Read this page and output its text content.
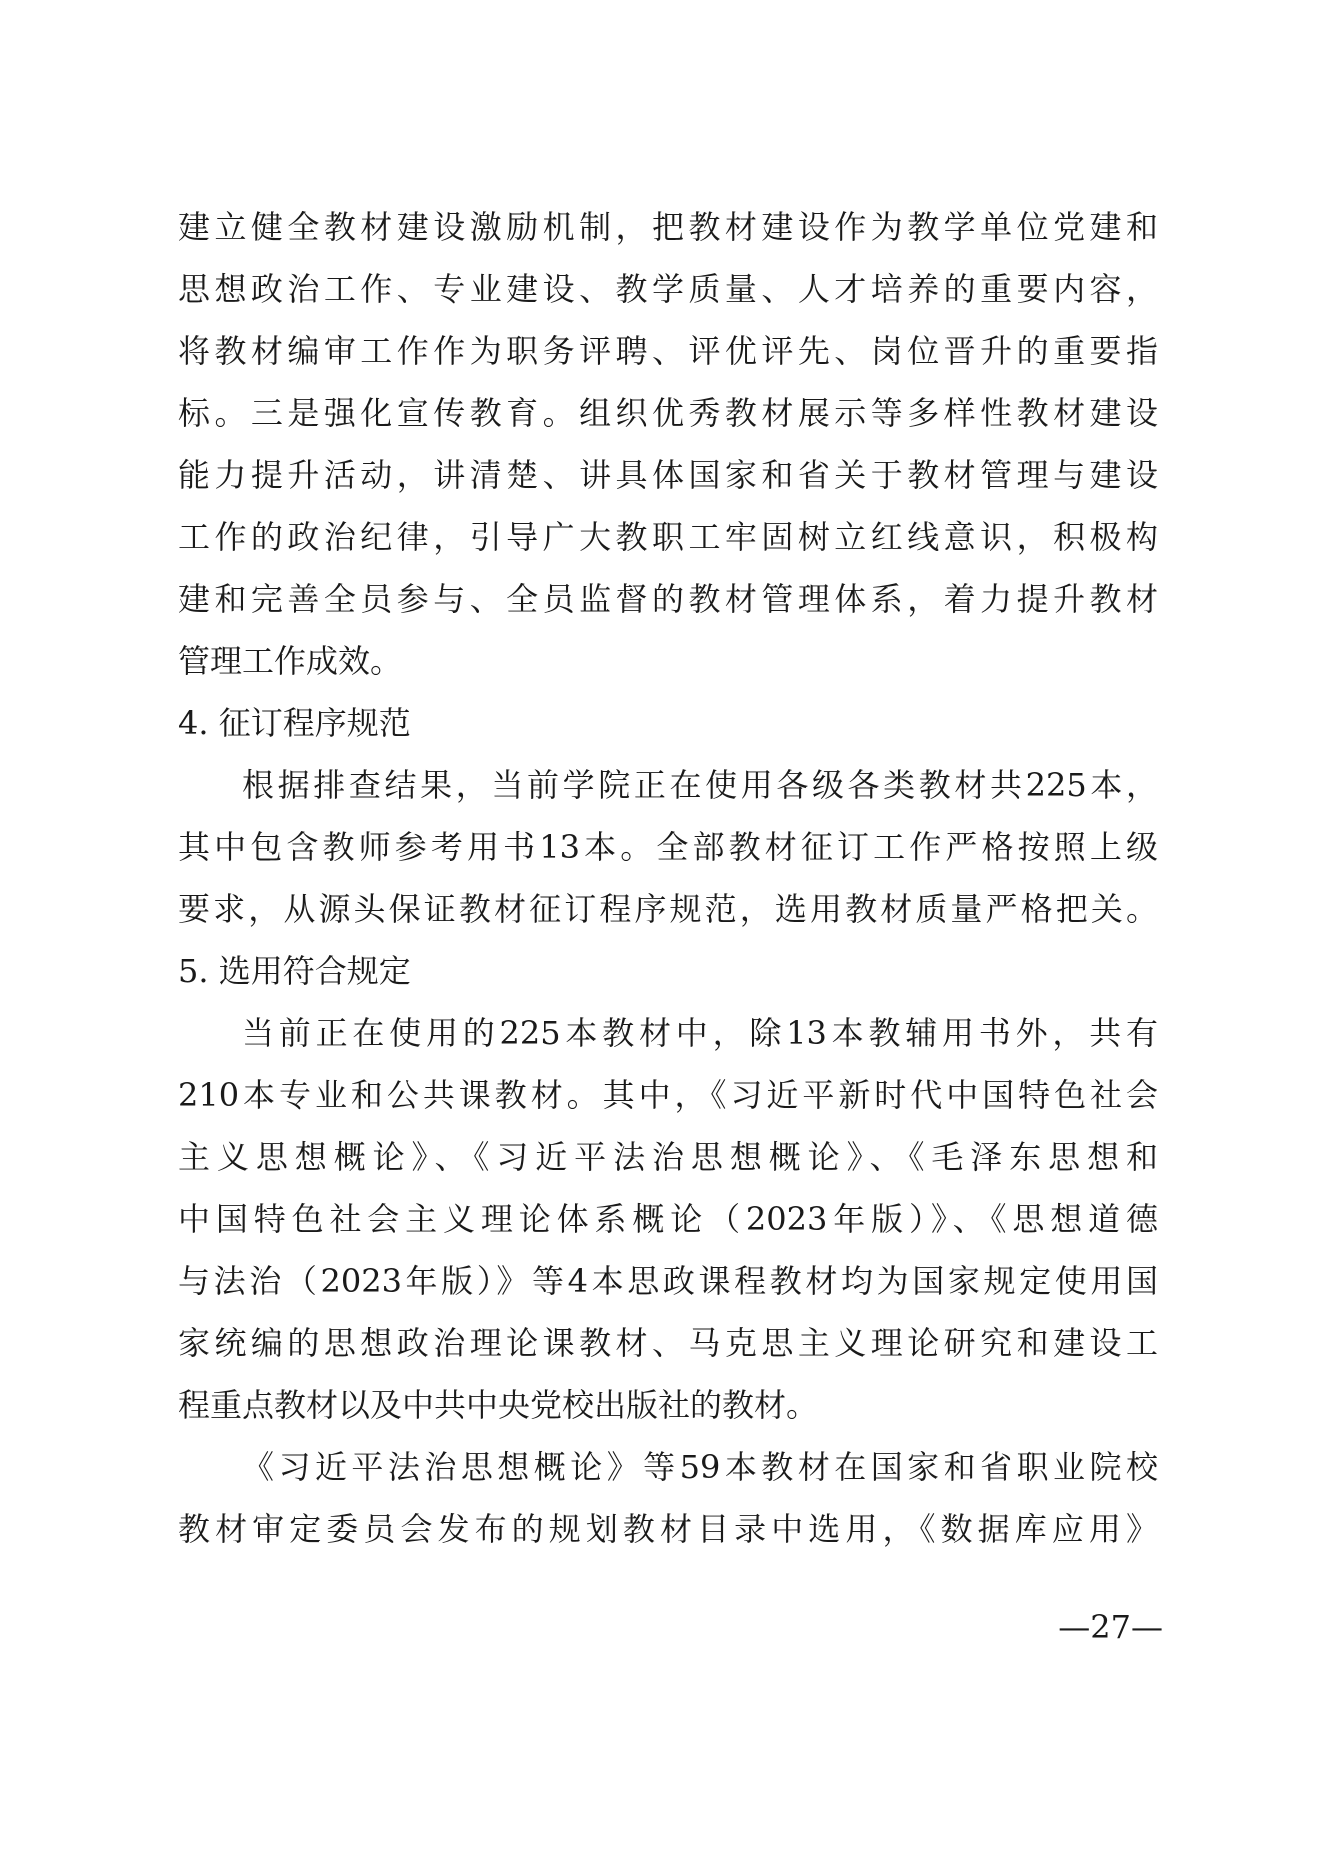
建立健全教材建设激励机制，把教材建设作为教学单位党建和
思想政治工作、专业建设、教学质量、人才培养的重要内容，
将教材编审工作作为职务评聘、评优评先、岗位晋升的重要指
标。三是强化宣传教育。组织优秀教材展示等多样性教材建设
能力提升活动，讲清楚、讲具体国家和省关于教材管理与建设
工作的政治纪律，引导广大教职工牢固树立红线意识，积极构
建和完善全员参与、全员监督的教材管理体系，着力提升教材
管理工作成效。
4. 征订程序规范
根据排查结果，当前学院正在使用各级各类教材共225本，
其中包含教师参考用书13本。全部教材征订工作严格按照上级
要求，从源头保证教材征订程序规范，选用教材质量严格把关。
5. 选用符合规定
当前正在使用的225本教材中，除13本教辅用书外，共有
210本专业和公共课教材。其中，《习近平新时代中国特色社会
主义思想概论》、《习近平法治思想概论》、《毛泽东思想和
中国特色社会主义理论体系概论（2023年版）》、《思想道德
与法治（2023年版）》等4本思政课程教材均为国家规定使用国
家统编的思想政治理论课教材、马克思主义理论研究和建设工
程重点教材以及中共中央党校出版社的教材。
《习近平法治思想概论》等59本教材在国家和省职业院校
教材审定委员会发布的规划教材目录中选用，《数据库应用》
—27—
